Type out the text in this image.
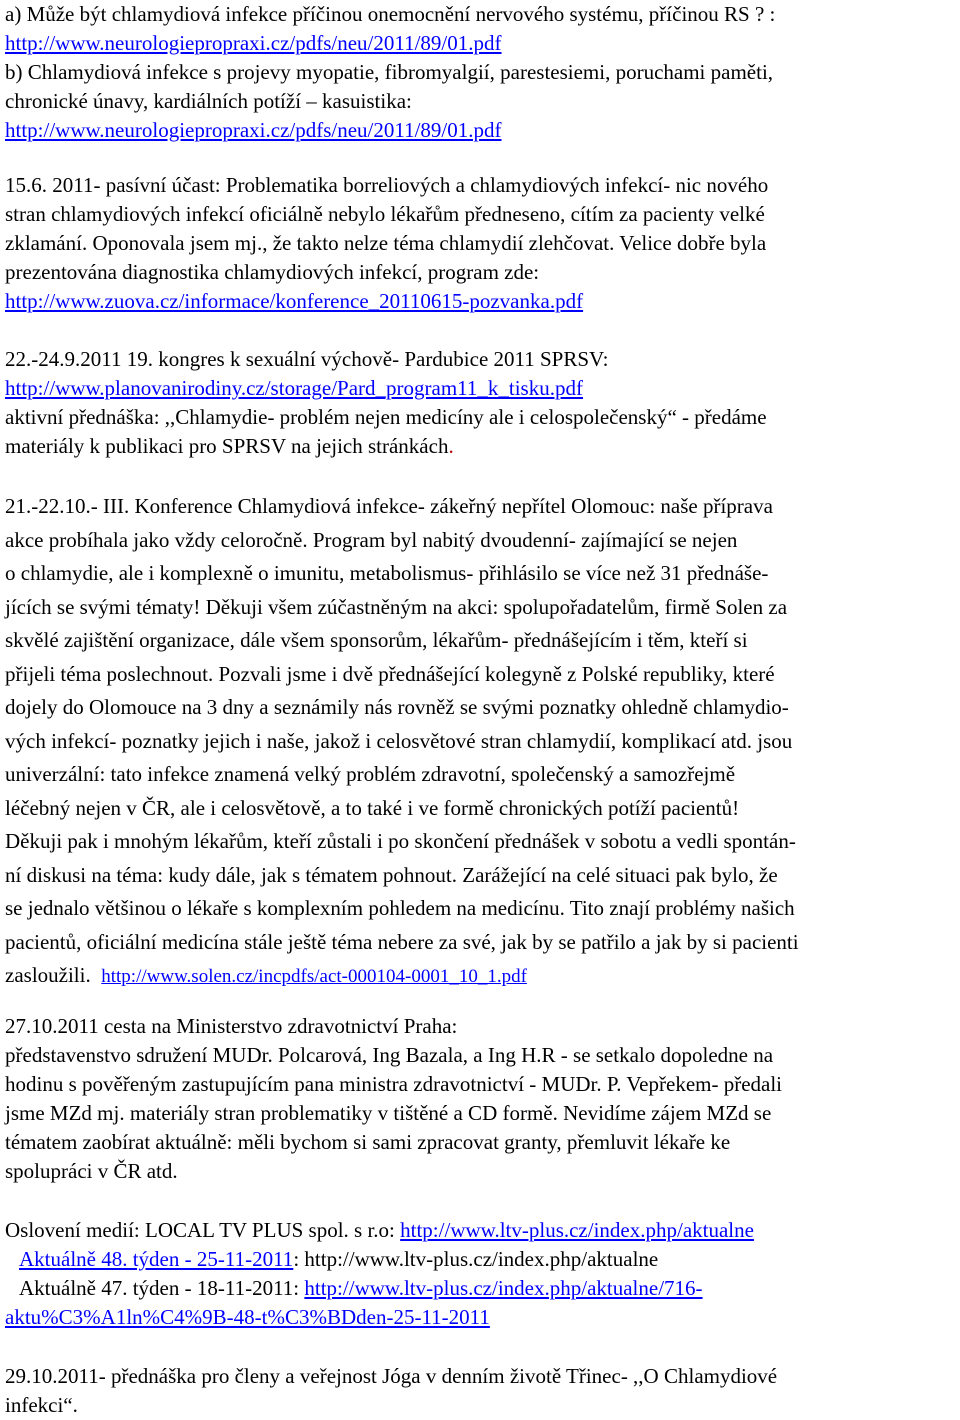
a) Může být chlamydiová infekce příčinou onemocnění nervového systému, příčinou RS ? :
http://www.neurologiepropraxi.cz/pdfs/neu/2011/89/01.pdf
b) Chlamydiová infekce s projevy myopatie, fibromyalgií, parestesiemi, poruchami paměti,
chronické únavy, kardiálních potíží – kasuistika:
http://www.neurologiepropraxi.cz/pdfs/neu/2011/89/01.pdf
15.6. 2011- pasívní účast: Problematika borreliových a chlamydiových infekcí- nic nového
stran chlamydiových infekcí oficiálně nebylo lékařům předneseno, cítím za pacienty velké
zklamání. Oponovala jsem mj., že takto nelze téma chlamydií zlehčovat. Velice dobře byla
prezentována diagnostika chlamydiových infekcí, program zde:
http://www.zuova.cz/informace/konference_20110615-pozvanka.pdf
22.-24.9.2011 19. kongres k sexuální výchově- Pardubice 2011 SPRSV:
http://www.planovanirodiny.cz/storage/Pard_program11_k_tisku.pdf
aktivní přednáška: ,,Chlamydie- problém nejen medicíny ale i celospolečenský“ - předáme
materiály k publikaci pro SPRSV na jejich stránkách.
21.-22.10.- III. Konference Chlamydiová infekce- zákeřný nepřítel Olomouc: naše příprava
akce probíhala jako vždy celoročně. Program byl nabitý dvoudenní- zajímající se nejen
o chlamydie, ale i komplexně o imunitu, metabolismus- přihlásilo se více než 31 přednáše-
jících se svými tématy! Děkuji všem zúčastněným na akci: spolupořadatelům, firmě Solen za
skvělé zajištění organizace, dále všem sponsorům, lékařům- přednášejícím i těm, kteří si
přijeli téma poslechnout. Pozvali jsme i dvě přednášející kolegyně z Polské republiky, které
dojely do Olomouce na 3 dny a seznámily nás rovněž se svými poznatky ohledně chlamydio-
vých infekcí- poznatky jejich i naše, jakož i celosvětové stran chlamydií, komplikací atd. jsou
univerzální: tato infekce znamená velký problém zdravotní, společenský a samozřejmě
léčebný nejen v ČR, ale i celosvětově, a to také i ve formě chronických potíží pacientů!
Děkuji pak i mnohým lékařům, kteří zůstali i po skončení přednášek v sobotu a vedli spontán-
ní diskusi na téma: kudy dále, jak s tématem pohnout. Zarážející na celé situaci pak bylo, že
se jednalo většinou o lékaře s komplexním pohledem na medicínu. Tito znají problémy našich
pacientů, oficiální medicína stále ještě téma nebere za své, jak by se patřilo a jak by si pacienti
zasloužili. http://www.solen.cz/incpdfs/act-000104-0001_10_1.pdf
27.10.2011 cesta na Ministerstvo zdravotnictví Praha:
představenstvo sdružení MUDr. Polcarová, Ing Bazala, a Ing H.R - se setkalo dopoledne na
hodinu s pověřeným zastupujícím pana ministra zdravotnictví - MUDr. P. Vepřekem- předali
jsme MZd mj. materiály stran problematiky v tištěné a CD formě. Nevidíme zájem MZd se
tématem zaobírat aktuálně: měli bychom si sami zpracovat granty, přemluvit lékaře ke
spolupráci v ČR atd.
Oslovení medií: LOCAL TV PLUS spol. s r.o: http://www.ltv-plus.cz/index.php/aktualne
Aktuálně 48. týden - 25-11-2011: http://www.ltv-plus.cz/index.php/aktualne
Aktuálně 47. týden - 18-11-2011: http://www.ltv-plus.cz/index.php/aktualne/716-
aktu%C3%A1ln%C4%9B-48-t%C3%BDden-25-11-2011
29.10.2011- přednáška pro členy a veřejnost Jóga v denním životě Třinec- ,,O Chlamydiové
infekci“.
